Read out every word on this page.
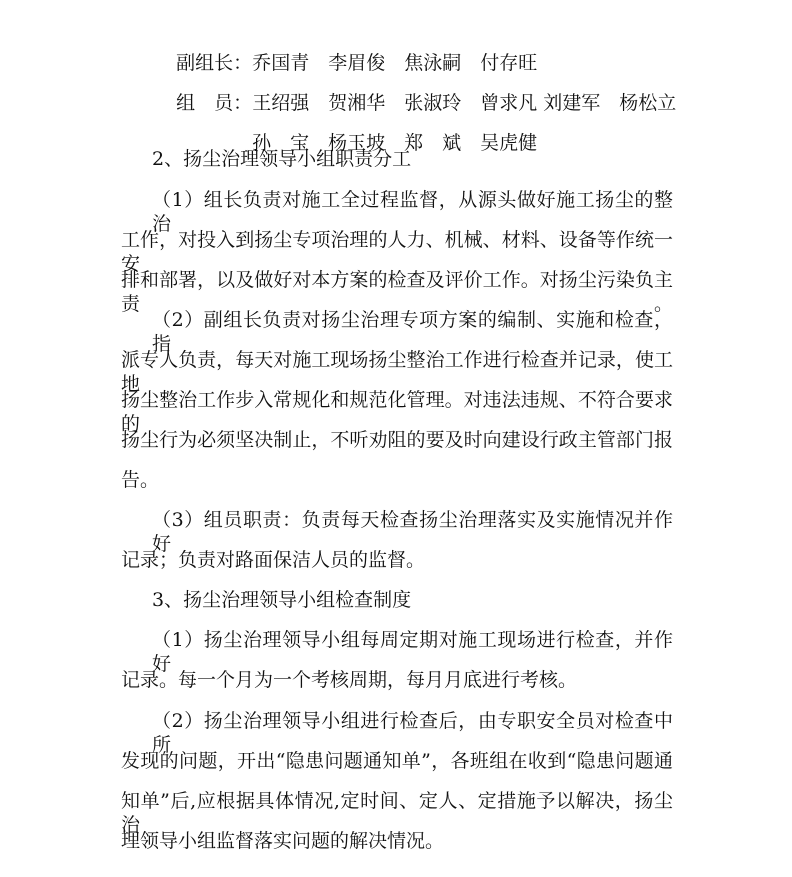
副组长：乔国青　李眉俊　焦泳嗣　付存旺

组　员：王绍强　贺湘华　张淑玲　曾求凡 刘建军　杨松立

孙　宝　杨玉坡　郑　斌　吴虎健

2、扬尘治理领导小组职责分工
（1）组长负责对施工全过程监督，从源头做好施工扬尘的整治
工作，对投入到扬尘专项治理的人力、机械、材料、设备等作统一安
排和部署，以及做好对本方案的检查及评价工作。对扬尘污染负主责。
（2）副组长负责对扬尘治理专项方案的编制、实施和检查，指
派专人负责，每天对施工现场扬尘整治工作进行检查并记录，使工地
扬尘整治工作步入常规化和规范化管理。对违法违规、不符合要求的
扬尘行为必须坚决制止，不听劝阻的要及时向建设行政主管部门报
告。
（3）组员职责：负责每天检查扬尘治理落实及实施情况并作好
记录；负责对路面保洁人员的监督。
3、扬尘治理领导小组检查制度
（1）扬尘治理领导小组每周定期对施工现场进行检查，并作好
记录。每一个月为一个考核周期，每月月底进行考核。
（2）扬尘治理领导小组进行检查后，由专职安全员对检查中所
发现的问题，开出“隐患问题通知单”，各班组在收到“隐患问题通
知单”后,应根据具体情况,定时间、定人、定措施予以解决，扬尘治
理领导小组监督落实问题的解决情况。
